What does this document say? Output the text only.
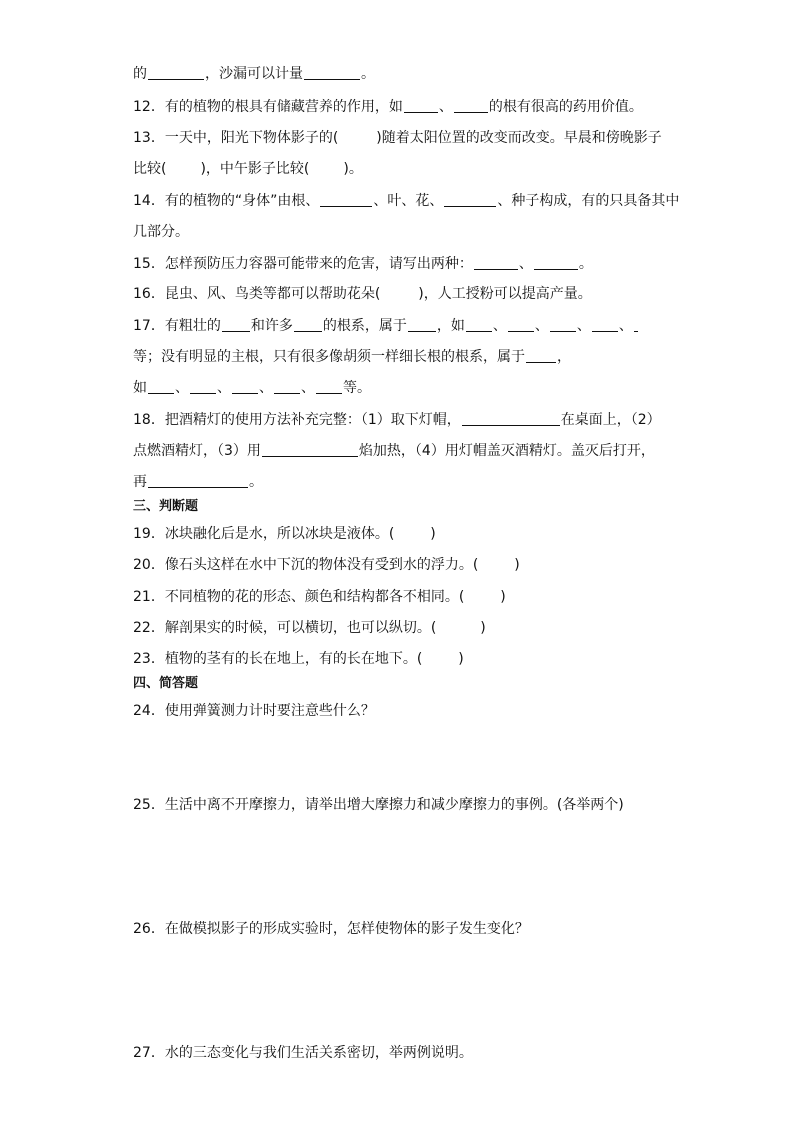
的	，沙漏可以计量	。
12．有的植物的根具有储藏营养的作用，如	、	的根有很高的药用价值。
13．一天中，阳光下物体影子的(	)随着太阳位置的改变而改变。早晨和傍晚影子
比较( )，中午影子比较( )。
14．有的植物的“身体”由根、	、叶、花、	、种子构成，有的只具备其中
几部分。
15．怎样预防压力容器可能带来的危害，请写出两种：	、	。
16．昆虫、风、鸟类等都可以帮助花朵(	)，人工授粉可以提高产量。
17．有粗壮的 和许多 的根系，属于 ，如 、 、 、 、
等；没有明显的主根，只有很多像胡须一样细长根的根系，属于 ，
如 、 、 、 、 等。
18．把酒精灯的使用方法补充完整：（1）取下灯帽，	在桌面上，（2）
点燃酒精灯，（3）用	焰加热，（4）用灯帽盖灭酒精灯。盖灭后打开，
再	。
三、判断题
19．冰块融化后是水，所以冰块是液体。(	)
20．像石头这样在水中下沉的物体没有受到水的浮力。(	)
21．不同植物的花的形态、颜色和结构都各不相同。(	)
22．解剖果实的时候，可以横切，也可以纵切。(	)
23．植物的茎有的长在地上，有的长在地下。(	)
四、简答题
24．使用弹簧测力计时要注意些什么？
25．生活中离不开摩擦力，请举出增大摩擦力和减少摩擦力的事例。(各举两个)
26．在做模拟影子的形成实验时，怎样使物体的影子发生变化？
27．水的三态变化与我们生活关系密切，举两例说明。
